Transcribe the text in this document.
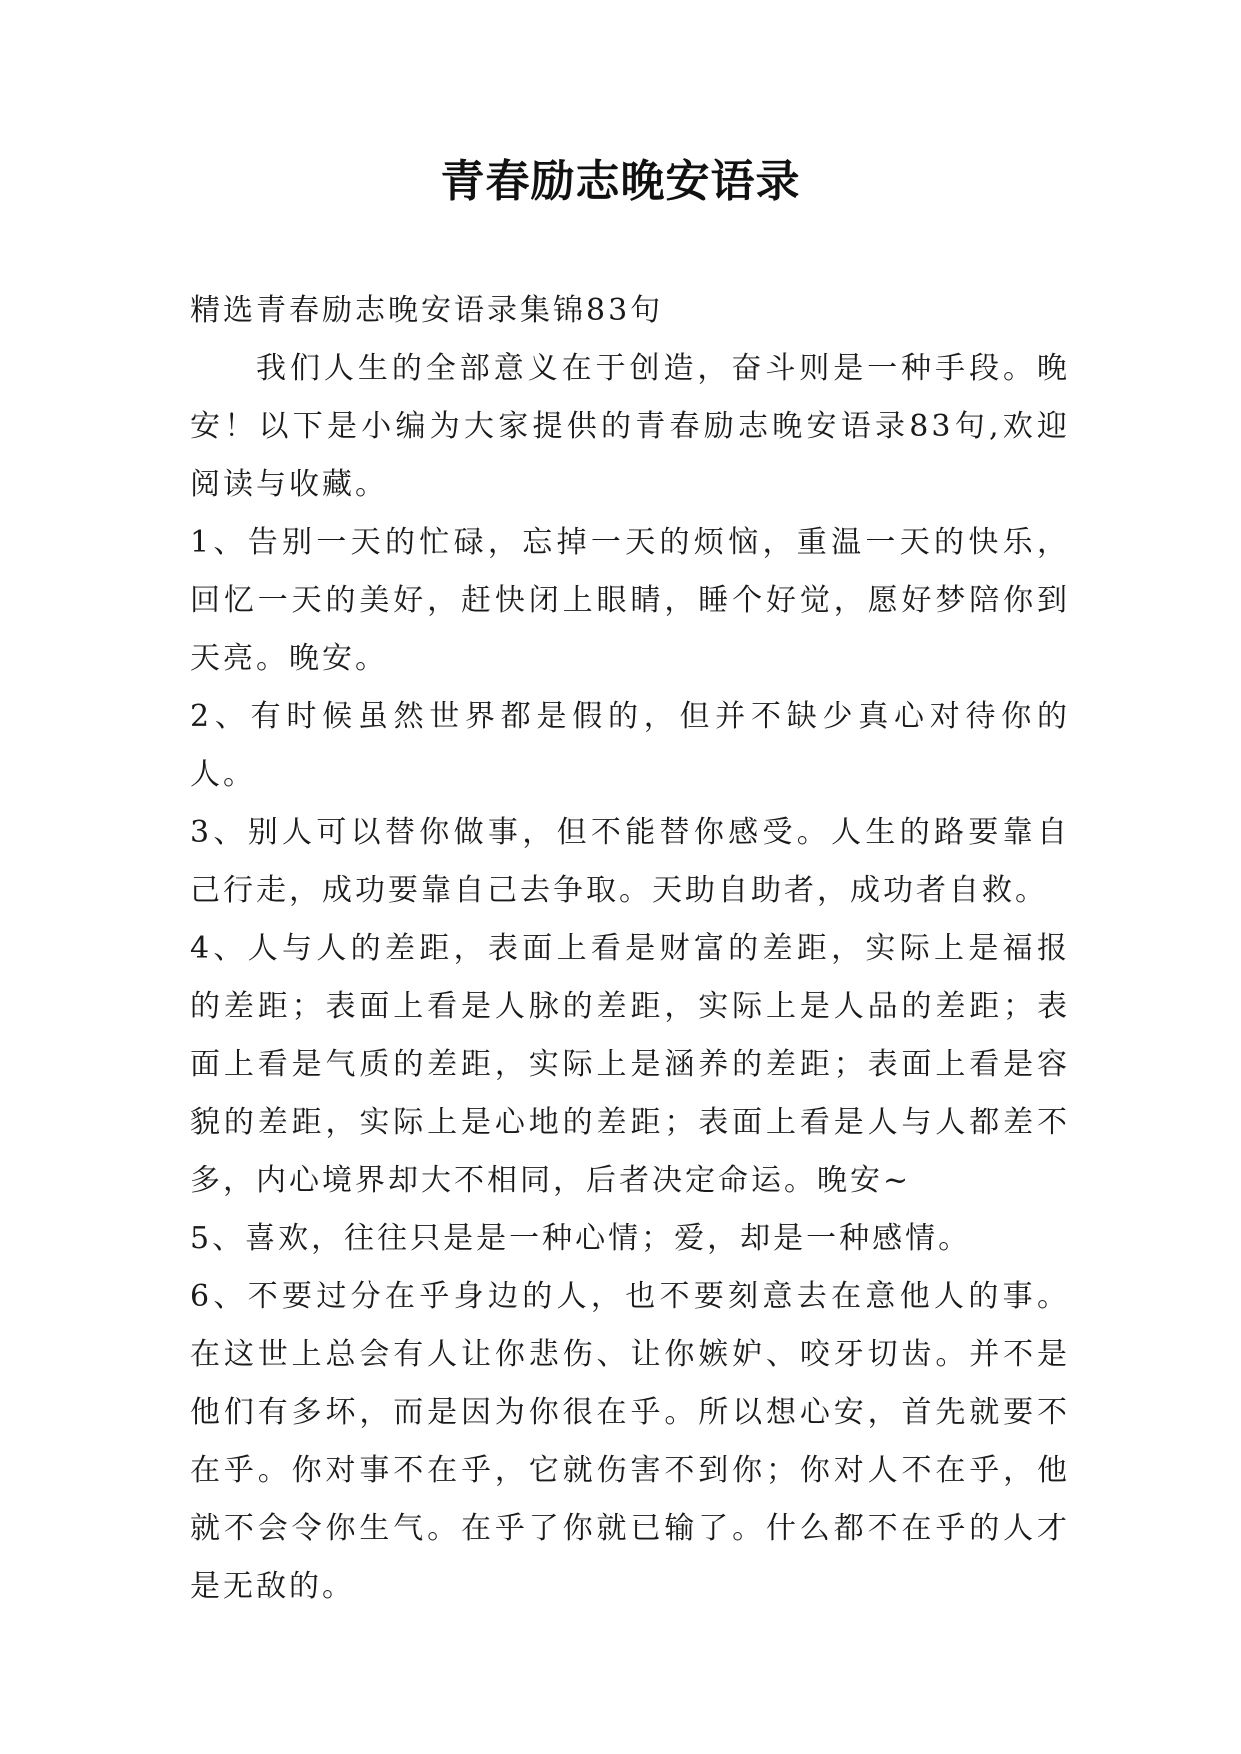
青春励志晚安语录

精选青春励志晚安语录集锦83句

我们人生的全部意义在于创造，奋斗则是一种手段。晚安！以下是小编为大家提供的青春励志晚安语录83句,欢迎阅读与收藏。

1、告别一天的忙碌，忘掉一天的烦恼，重温一天的快乐，回忆一天的美好，赶快闭上眼睛，睡个好觉，愿好梦陪你到天亮。晚安。

2、有时候虽然世界都是假的，但并不缺少真心对待你的人。

3、别人可以替你做事，但不能替你感受。人生的路要靠自己行走，成功要靠自己去争取。天助自助者，成功者自救。

4、人与人的差距，表面上看是财富的差距，实际上是福报的差距；表面上看是人脉的差距，实际上是人品的差距；表面上看是气质的差距，实际上是涵养的差距；表面上看是容貌的差距，实际上是心地的差距；表面上看是人与人都差不多，内心境界却大不相同，后者决定命运。晚安~

5、喜欢，往往只是是一种心情；爱，却是一种感情。

6、不要过分在乎身边的人，也不要刻意去在意他人的事。在这世上总会有人让你悲伤、让你嫉妒、咬牙切齿。并不是他们有多坏，而是因为你很在乎。所以想心安，首先就要不在乎。你对事不在乎，它就伤害不到你；你对人不在乎，他就不会令你生气。在乎了你就已输了。什么都不在乎的人才是无敌的。
